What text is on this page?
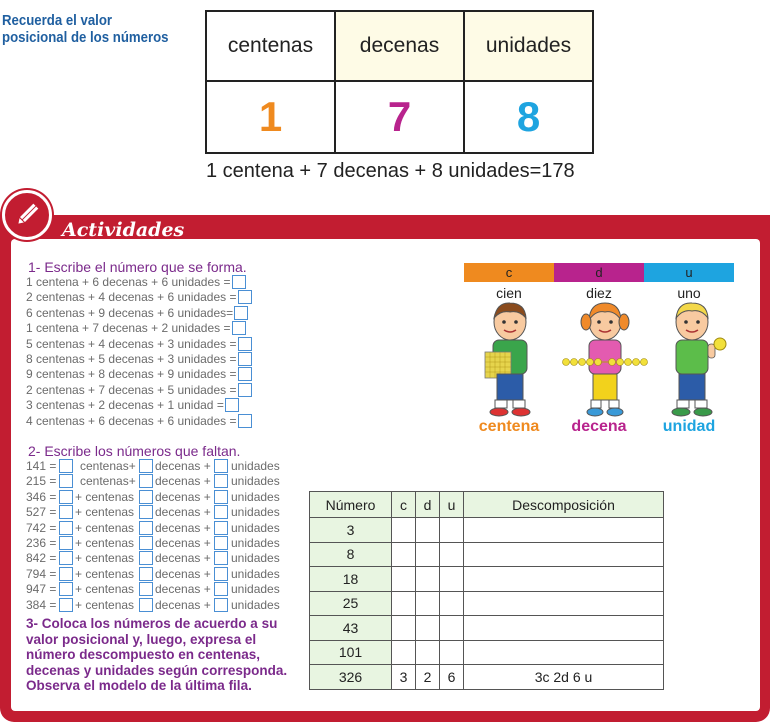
Recuerda el valor posicional de los números	centenas	decenas	unidades
1	7	8
1 centena + 7 decenas + 8 unidades=178
Actividades
1- Escribe el número que se forma.
1 centena + 6 decenas + 6 unidades =
2 centenas + 4 decenas + 6 unidades =
6 centenas + 9 decenas + 6 unidades=
1 centena + 7 decenas + 2 unidades =
5 centenas + 4 decenas + 3 unidades =
8 centenas + 5 decenas + 3 unidades =
9 centenas + 8 decenas + 9 unidades =
2 centenas + 7 decenas + 5 unidades =
3 centenas + 2 decenas + 1 unidad =
4 centenas + 6 decenas + 6 unidades =
2- Escribe los números que faltan.
141 = centenas+ decenas + unidades
215 = centenas+ decenas + unidades
346 = + centenas decenas + unidades
527 = + centenas decenas + unidades
742 = + centenas decenas + unidades
236 = + centenas decenas + unidades
842 = + centenas decenas + unidades
794 = + centenas decenas + unidades
947 = + centenas decenas + unidades
384 = + centenas decenas + unidades
3- Coloca los números de acuerdo a su valor posicional y, luego, expresa el número descompuesto en centenas, decenas y unidades según corresponda. Observa el modelo de la última fila.
c	d	u
cien	diez	uno
centena	decena	unidad
Número	c	d	u	Descomposición
3				
8				
18				
25				
43				
101				
326	3	2	6	3c 2d 6 u
